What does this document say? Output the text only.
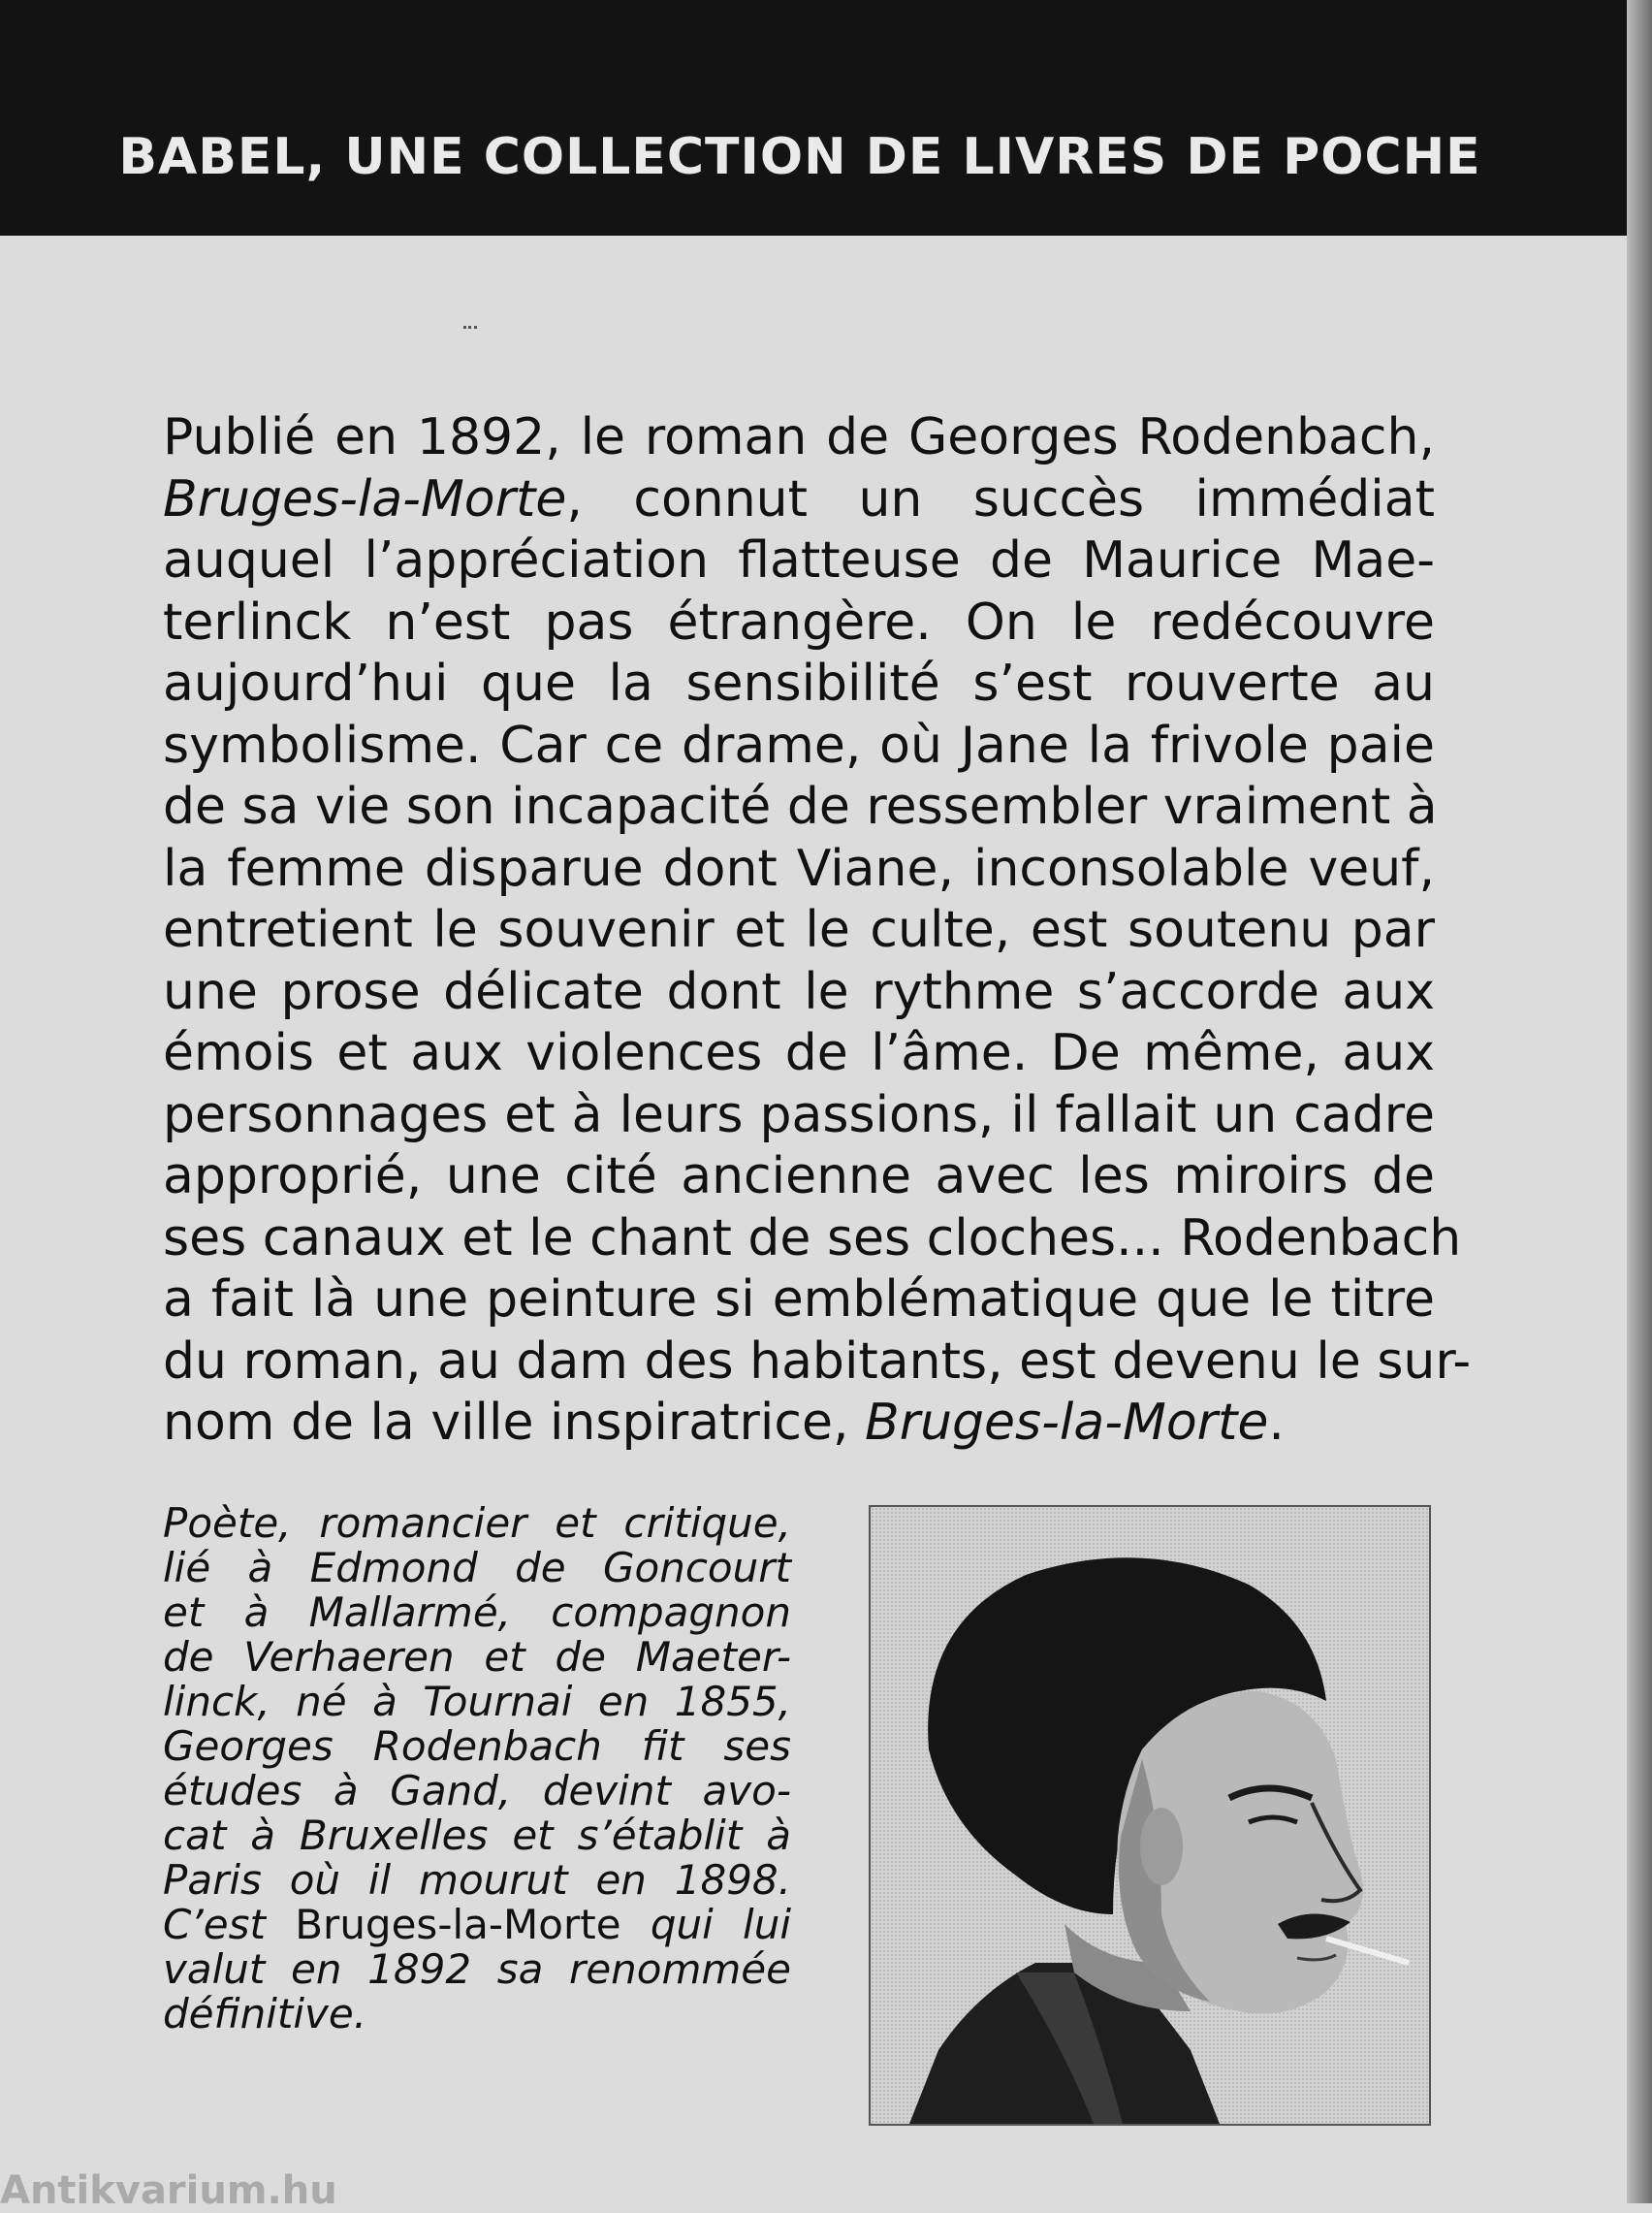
BABEL, UNE COLLECTION DE LIVRES DE POCHE
Publié en 1892, le roman de Georges Rodenbach,
Bruges-la-Morte, connut un succès immédiat
auquel l’appréciation flatteuse de Maurice Mae-
terlinck n’est pas étrangère. On le redécouvre
aujourd’hui que la sensibilité s’est rouverte au
symbolisme. Car ce drame, où Jane la frivole paie
de sa vie son incapacité de ressembler vraiment à
la femme disparue dont Viane, inconsolable veuf,
entretient le souvenir et le culte, est soutenu par
une prose délicate dont le rythme s’accorde aux
émois et aux violences de l’âme. De même, aux
personnages et à leurs passions, il fallait un cadre
approprié, une cité ancienne avec les miroirs de
ses canaux et le chant de ses cloches... Rodenbach
a fait là une peinture si emblématique que le titre
du roman, au dam des habitants, est devenu le sur-
nom de la ville inspiratrice, Bruges-la-Morte.
Poète, romancier et critique,
lié à Edmond de Goncourt
et à Mallarmé, compagnon
de Verhaeren et de Maeter-
linck, né à Tournai en 1855,
Georges Rodenbach fit ses
études à Gand, devint avo-
cat à Bruxelles et s’établit à
Paris où il mourut en 1898.
C’est Bruges-la-Morte qui lui
valut en 1892 sa renommée
définitive.
Antikvarium.hu
